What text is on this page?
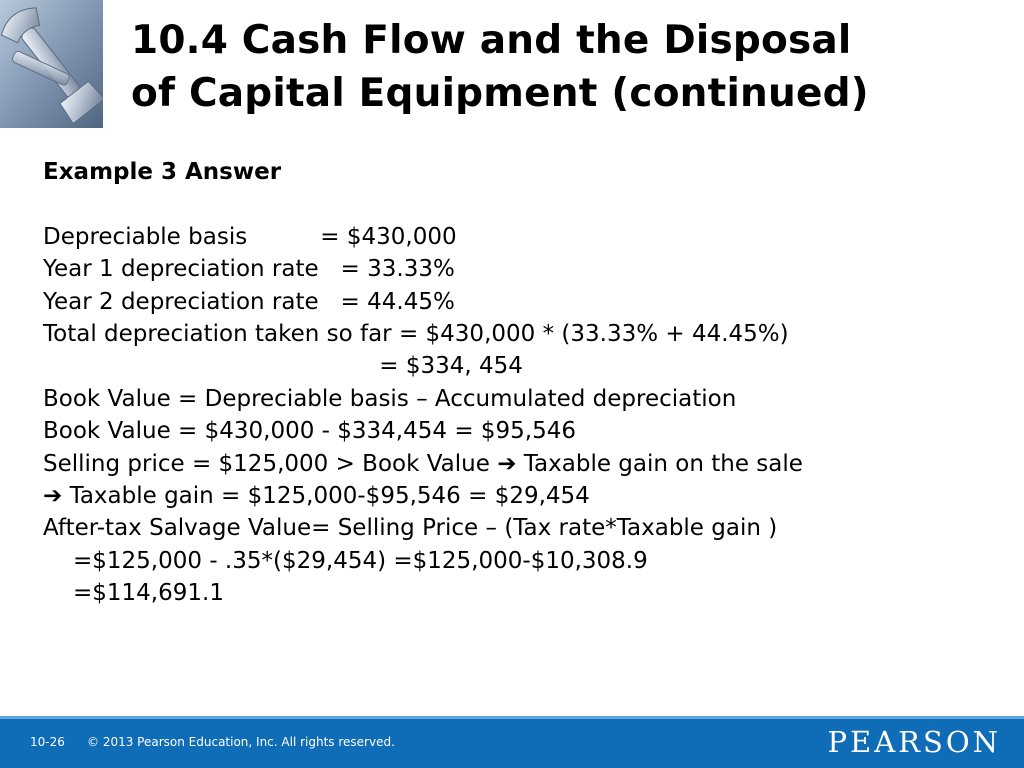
10.4 Cash Flow and the Disposal
of Capital Equipment (continued)
Example 3 Answer
Depreciable basis          = $430,000
Year 1 depreciation rate   = 33.33%
Year 2 depreciation rate   = 44.45%
Total depreciation taken so far = $430,000 * (33.33% + 44.45%)
= $334, 454
Book Value = Depreciable basis – Accumulated depreciation
Book Value = $430,000 - $334,454 = $95,546
Selling price = $125,000 > Book Value ➔ Taxable gain on the sale
➔ Taxable gain = $125,000-$95,546 = $29,454
After-tax Salvage Value= Selling Price – (Tax rate*Taxable gain )
=$125,000 - .35*($29,454) =$125,000-$10,308.9
=$114,691.1
10-26 © 2013 Pearson Education, Inc. All rights reserved.	PEARSON
